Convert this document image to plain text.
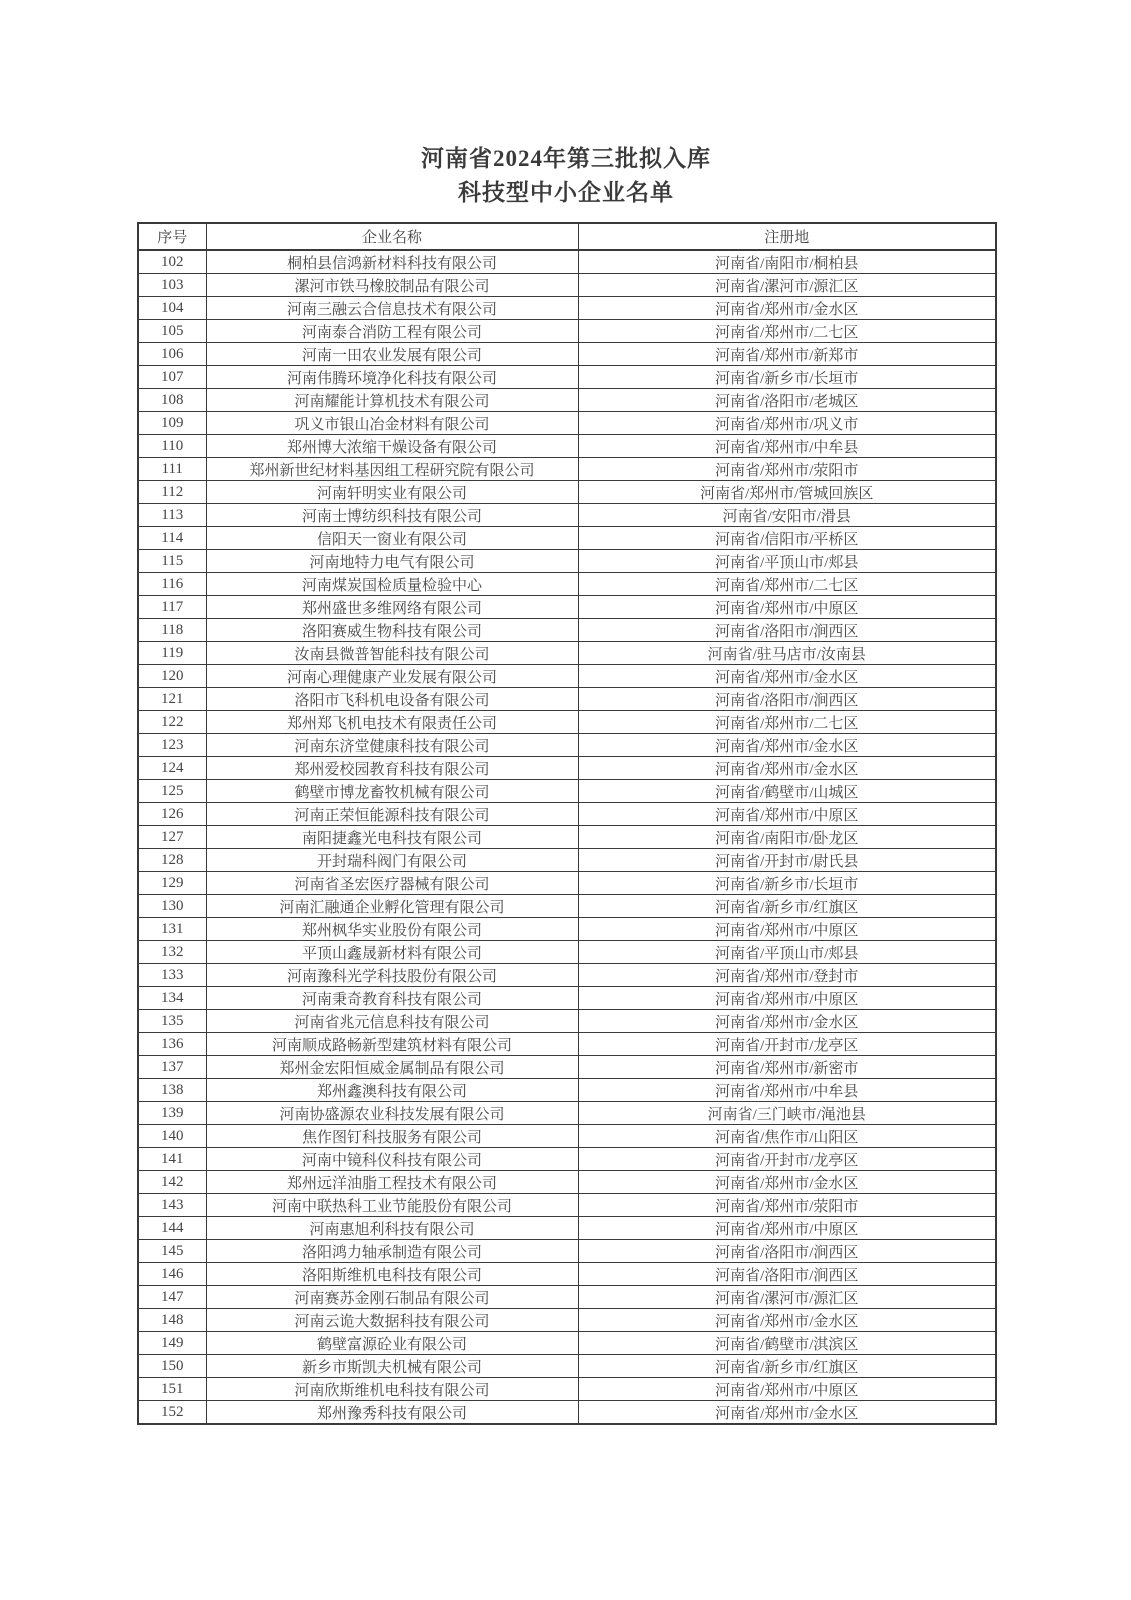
河南省2024年第三批拟入库
科技型中小企业名单
序号	企业名称	注册地
102	桐柏县信鸿新材料科技有限公司	河南省/南阳市/桐柏县
103	漯河市铁马橡胶制品有限公司	河南省/漯河市/源汇区
104	河南三融云合信息技术有限公司	河南省/郑州市/金水区
105	河南泰合消防工程有限公司	河南省/郑州市/二七区
106	河南一田农业发展有限公司	河南省/郑州市/新郑市
107	河南伟腾环境净化科技有限公司	河南省/新乡市/长垣市
108	河南耀能计算机技术有限公司	河南省/洛阳市/老城区
109	巩义市银山冶金材料有限公司	河南省/郑州市/巩义市
110	郑州博大浓缩干燥设备有限公司	河南省/郑州市/中牟县
111	郑州新世纪材料基因组工程研究院有限公司	河南省/郑州市/荥阳市
112	河南轩明实业有限公司	河南省/郑州市/管城回族区
113	河南士博纺织科技有限公司	河南省/安阳市/滑县
114	信阳天一窗业有限公司	河南省/信阳市/平桥区
115	河南地特力电气有限公司	河南省/平顶山市/郏县
116	河南煤炭国检质量检验中心	河南省/郑州市/二七区
117	郑州盛世多维网络有限公司	河南省/郑州市/中原区
118	洛阳赛威生物科技有限公司	河南省/洛阳市/涧西区
119	汝南县微普智能科技有限公司	河南省/驻马店市/汝南县
120	河南心理健康产业发展有限公司	河南省/郑州市/金水区
121	洛阳市飞科机电设备有限公司	河南省/洛阳市/涧西区
122	郑州郑飞机电技术有限责任公司	河南省/郑州市/二七区
123	河南东济堂健康科技有限公司	河南省/郑州市/金水区
124	郑州爱校园教育科技有限公司	河南省/郑州市/金水区
125	鹤壁市博龙畜牧机械有限公司	河南省/鹤壁市/山城区
126	河南正荣恒能源科技有限公司	河南省/郑州市/中原区
127	南阳捷鑫光电科技有限公司	河南省/南阳市/卧龙区
128	开封瑞科阀门有限公司	河南省/开封市/尉氏县
129	河南省圣宏医疗器械有限公司	河南省/新乡市/长垣市
130	河南汇融通企业孵化管理有限公司	河南省/新乡市/红旗区
131	郑州枫华实业股份有限公司	河南省/郑州市/中原区
132	平顶山鑫晟新材料有限公司	河南省/平顶山市/郏县
133	河南豫科光学科技股份有限公司	河南省/郑州市/登封市
134	河南秉奇教育科技有限公司	河南省/郑州市/中原区
135	河南省兆元信息科技有限公司	河南省/郑州市/金水区
136	河南顺成路畅新型建筑材料有限公司	河南省/开封市/龙亭区
137	郑州金宏阳恒威金属制品有限公司	河南省/郑州市/新密市
138	郑州鑫澳科技有限公司	河南省/郑州市/中牟县
139	河南协盛源农业科技发展有限公司	河南省/三门峡市/渑池县
140	焦作图钉科技服务有限公司	河南省/焦作市/山阳区
141	河南中镜科仪科技有限公司	河南省/开封市/龙亭区
142	郑州远洋油脂工程技术有限公司	河南省/郑州市/金水区
143	河南中联热科工业节能股份有限公司	河南省/郑州市/荥阳市
144	河南惠旭利科技有限公司	河南省/郑州市/中原区
145	洛阳鸿力轴承制造有限公司	河南省/洛阳市/涧西区
146	洛阳斯维机电科技有限公司	河南省/洛阳市/涧西区
147	河南赛苏金刚石制品有限公司	河南省/漯河市/源汇区
148	河南云诡大数据科技有限公司	河南省/郑州市/金水区
149	鹤壁富源砼业有限公司	河南省/鹤壁市/淇滨区
150	新乡市斯凯夫机械有限公司	河南省/新乡市/红旗区
151	河南欣斯维机电科技有限公司	河南省/郑州市/中原区
152	郑州豫秀科技有限公司	河南省/郑州市/金水区
